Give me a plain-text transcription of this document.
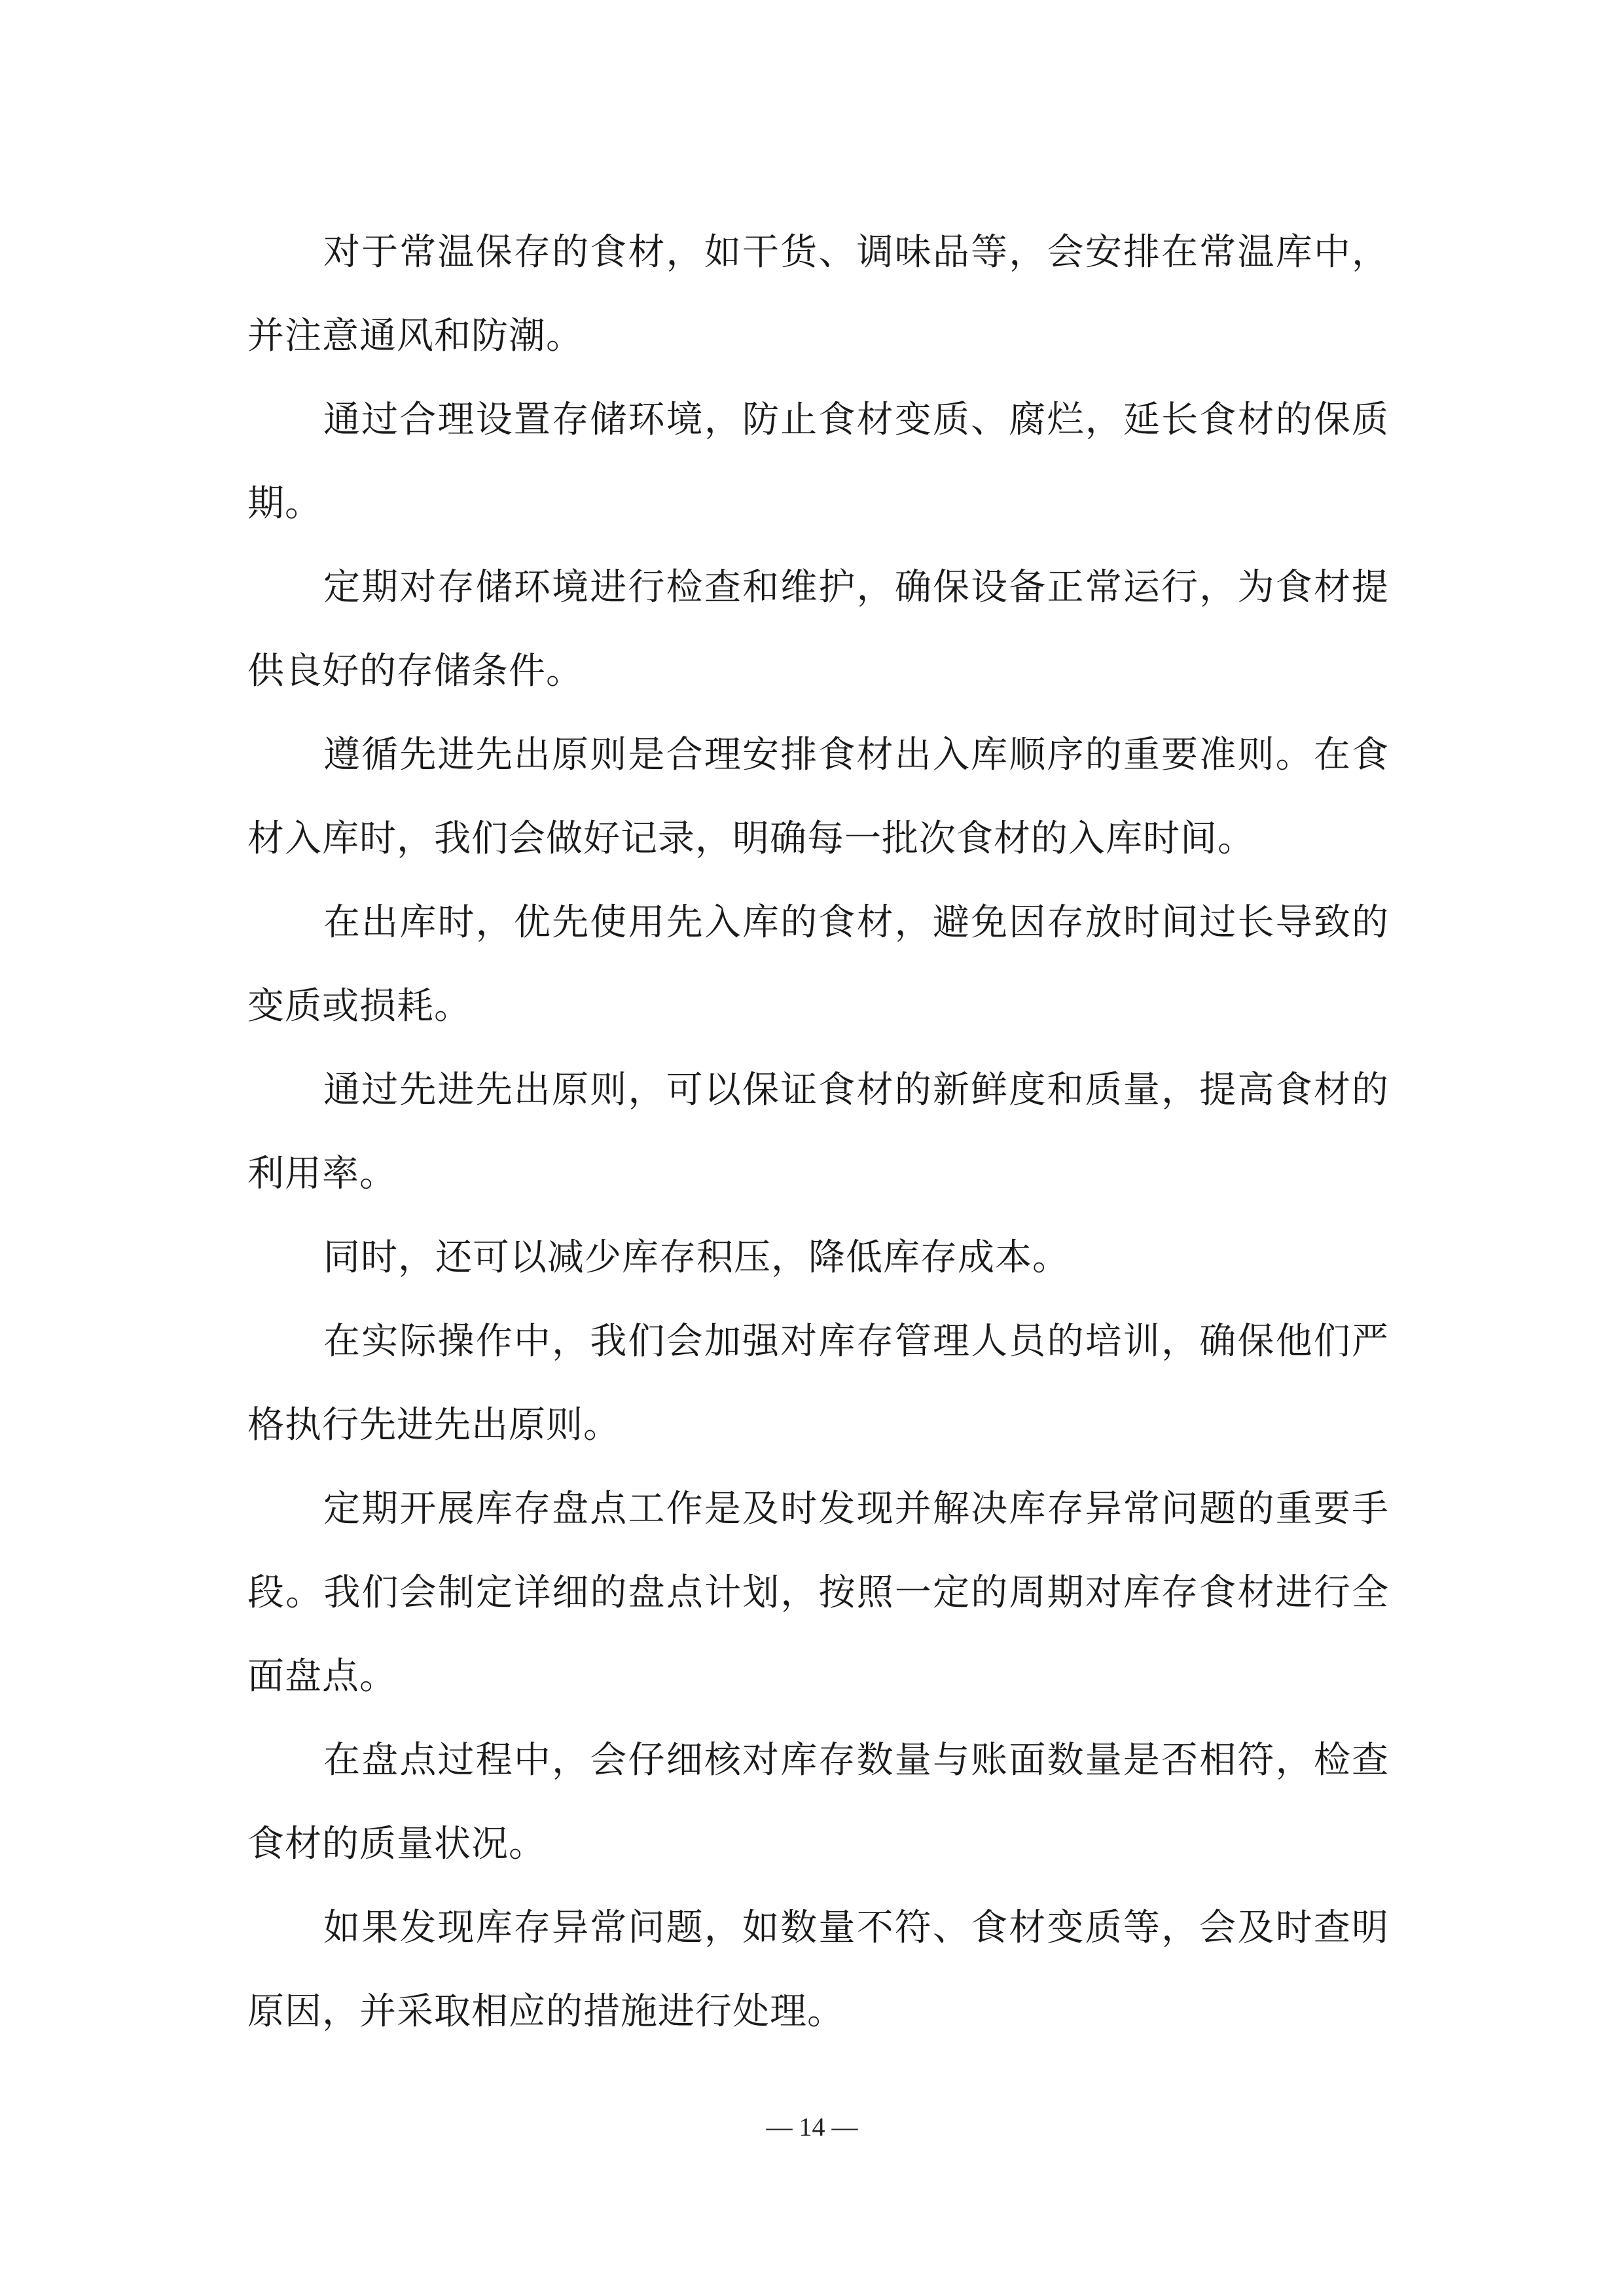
对于常温保存的食材，如干货、调味品等，会安排在常温库中，并注意通风和防潮。

通过合理设置存储环境，防止食材变质、腐烂，延长食材的保质期。

定期对存储环境进行检查和维护，确保设备正常运行，为食材提供良好的存储条件。

遵循先进先出原则是合理安排食材出入库顺序的重要准则。在食材入库时，我们会做好记录，明确每一批次食材的入库时间。

在出库时，优先使用先入库的食材，避免因存放时间过长导致的变质或损耗。

通过先进先出原则，可以保证食材的新鲜度和质量，提高食材的利用率。

同时，还可以减少库存积压，降低库存成本。

在实际操作中，我们会加强对库存管理人员的培训，确保他们严格执行先进先出原则。

定期开展库存盘点工作是及时发现并解决库存异常问题的重要手段。我们会制定详细的盘点计划，按照一定的周期对库存食材进行全面盘点。

在盘点过程中，会仔细核对库存数量与账面数量是否相符，检查食材的质量状况。

如果发现库存异常问题，如数量不符、食材变质等，会及时查明原因，并采取相应的措施进行处理。

— 14 —
